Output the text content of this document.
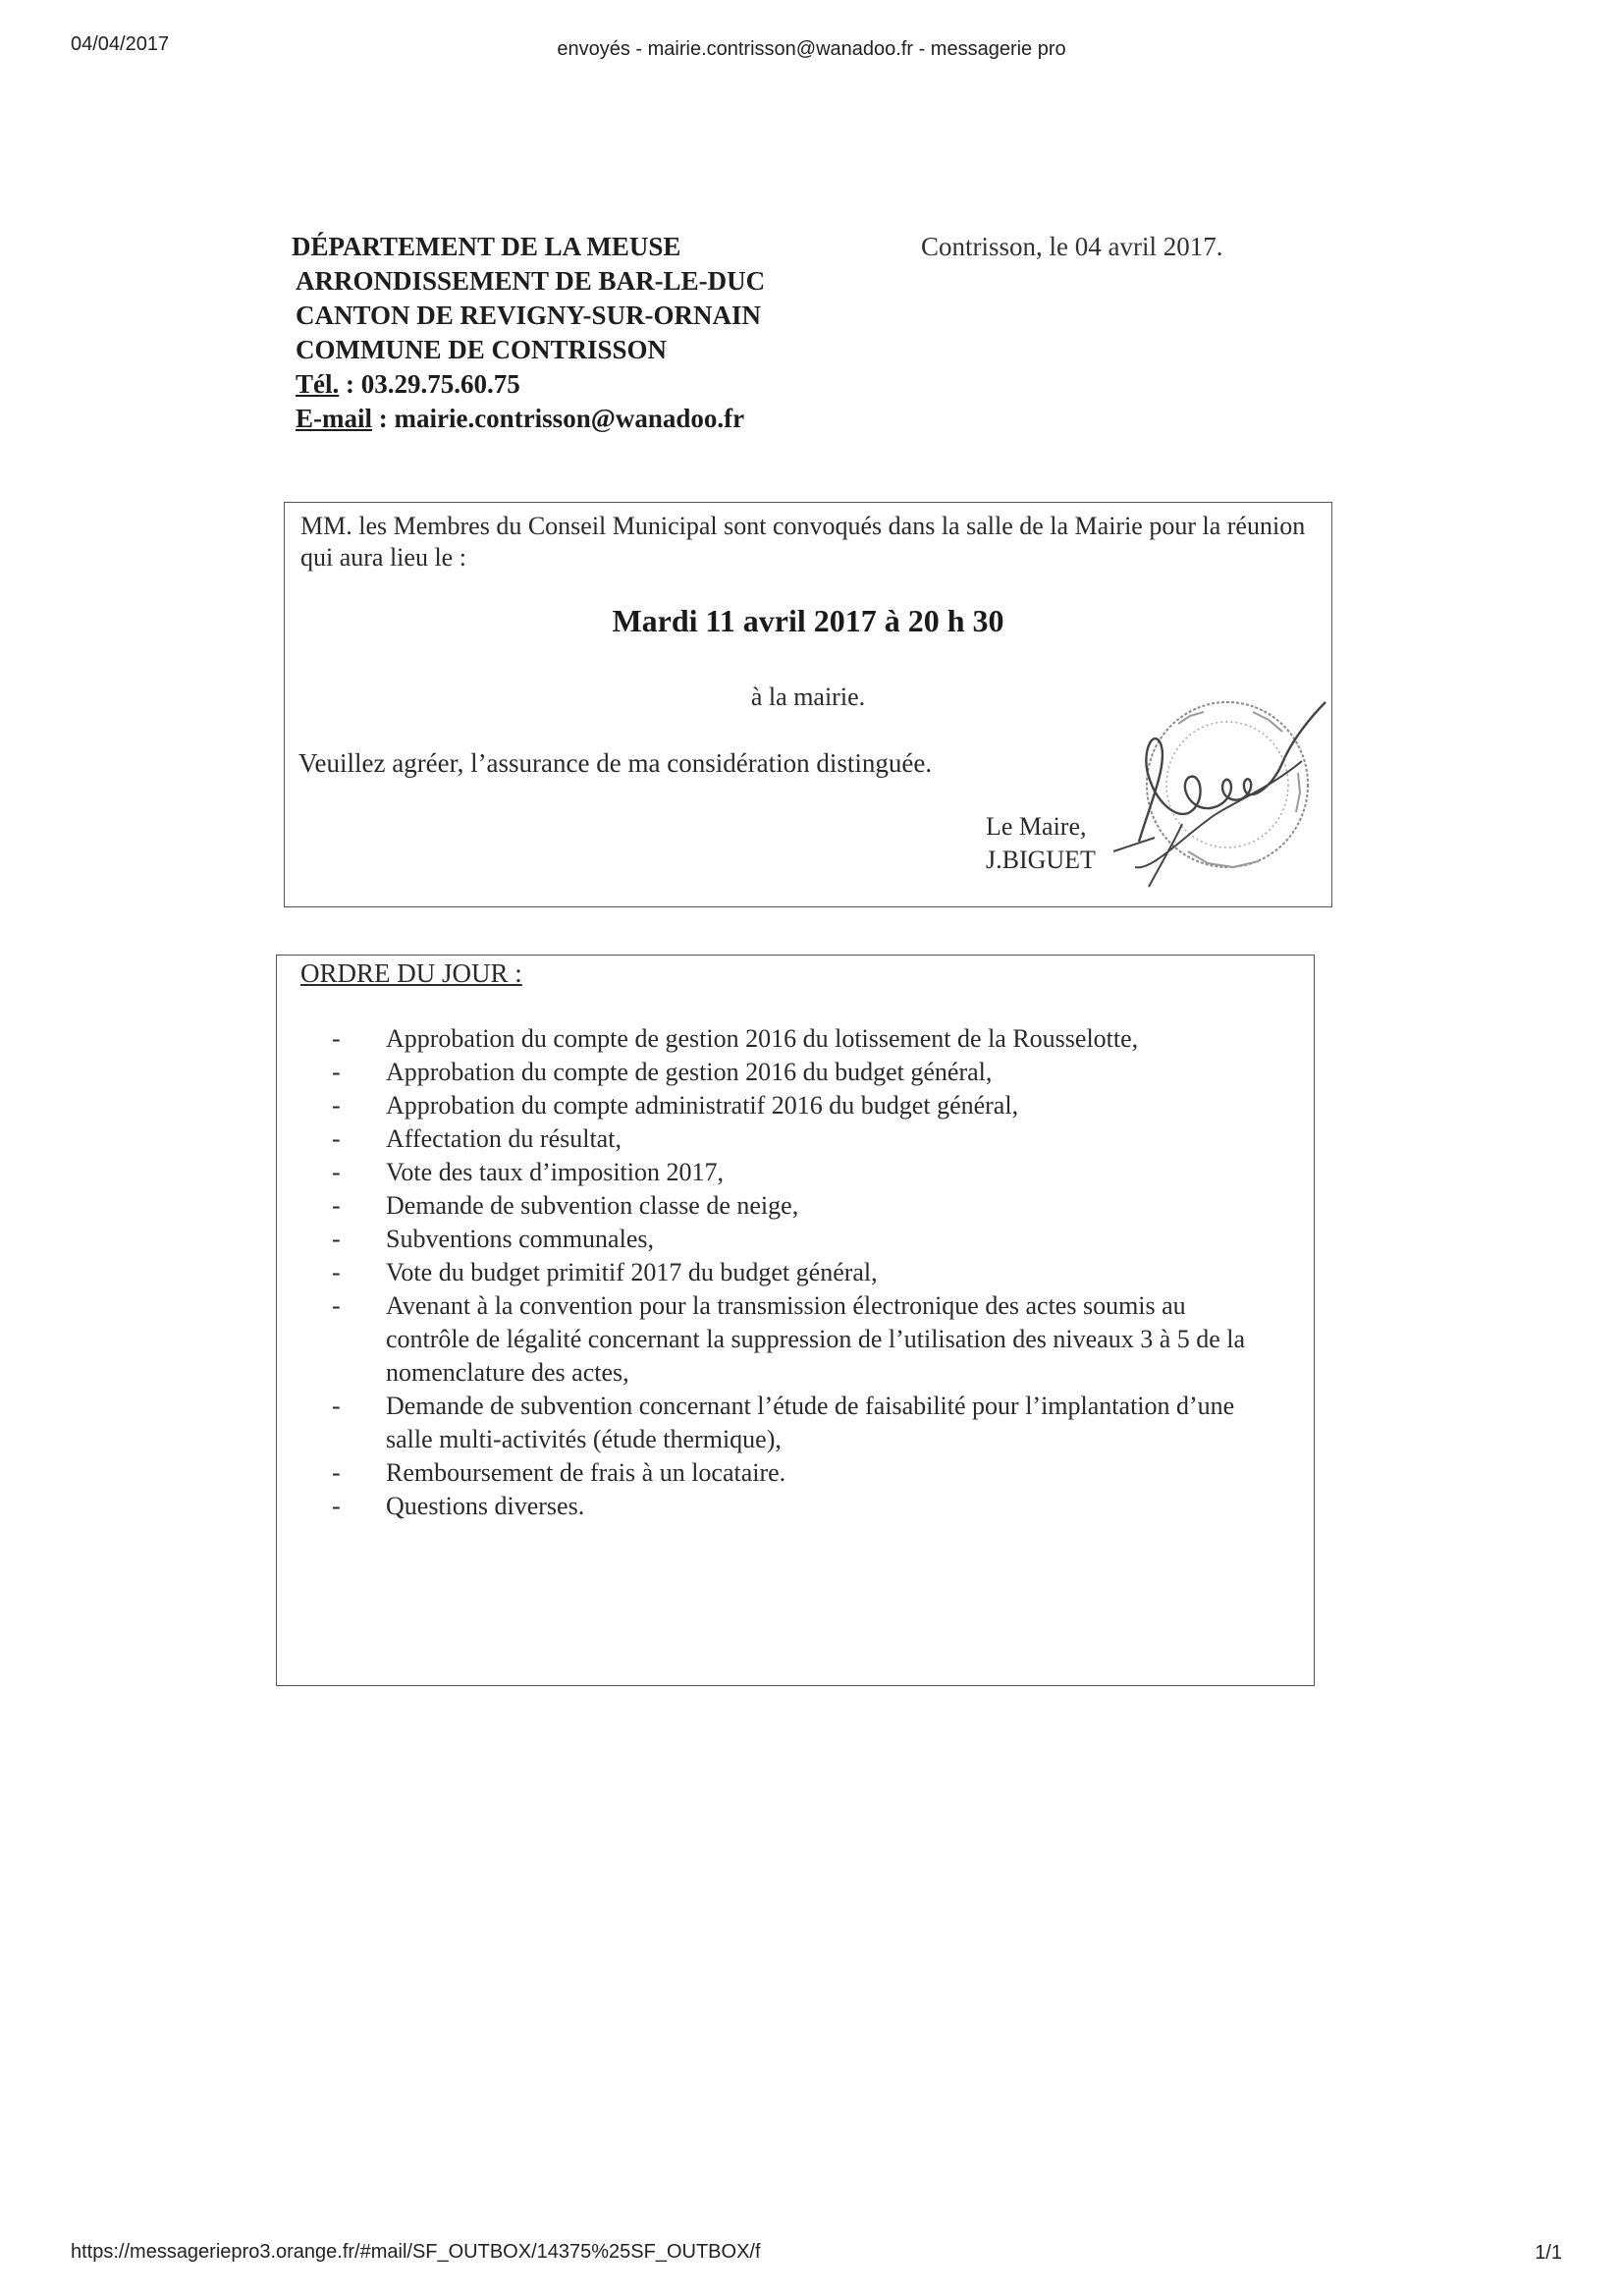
04/04/2017	envoyés - mairie.contrisson@wanadoo.fr - messagerie pro
DÉPARTEMENT DE LA MEUSE
ARRONDISSEMENT DE BAR-LE-DUC
CANTON DE REVIGNY-SUR-ORNAIN
COMMUNE DE CONTRISSON
Tél. : 03.29.75.60.75
E-mail : mairie.contrisson@wanadoo.fr
Contrisson, le 04 avril 2017.
MM. les Membres du Conseil Municipal sont convoqués dans la salle de la Mairie pour la réunion qui aura lieu le :
Mardi 11 avril 2017 à 20 h 30
à la mairie.
Veuillez agréer, l’assurance de ma considération distinguée.
Le Maire,
J.BIGUET
ORDRE DU JOUR :
- Approbation du compte de gestion 2016 du lotissement de la Rousselotte,
- Approbation du compte de gestion 2016 du budget général,
- Approbation du compte administratif 2016 du budget général,
- Affectation du résultat,
- Vote des taux d’imposition 2017,
- Demande de subvention classe de neige,
- Subventions communales,
- Vote du budget primitif 2017 du budget général,
- Avenant à la convention pour la transmission électronique des actes soumis au contrôle de légalité concernant la suppression de l’utilisation des niveaux 3 à 5 de la nomenclature des actes,
- Demande de subvention concernant l’étude de faisabilité pour l’implantation d’une salle multi-activités (étude thermique),
- Remboursement de frais à un locataire.
- Questions diverses.
https://messageriepro3.orange.fr/#mail/SF_OUTBOX/14375%25SF_OUTBOX/f	1/1
